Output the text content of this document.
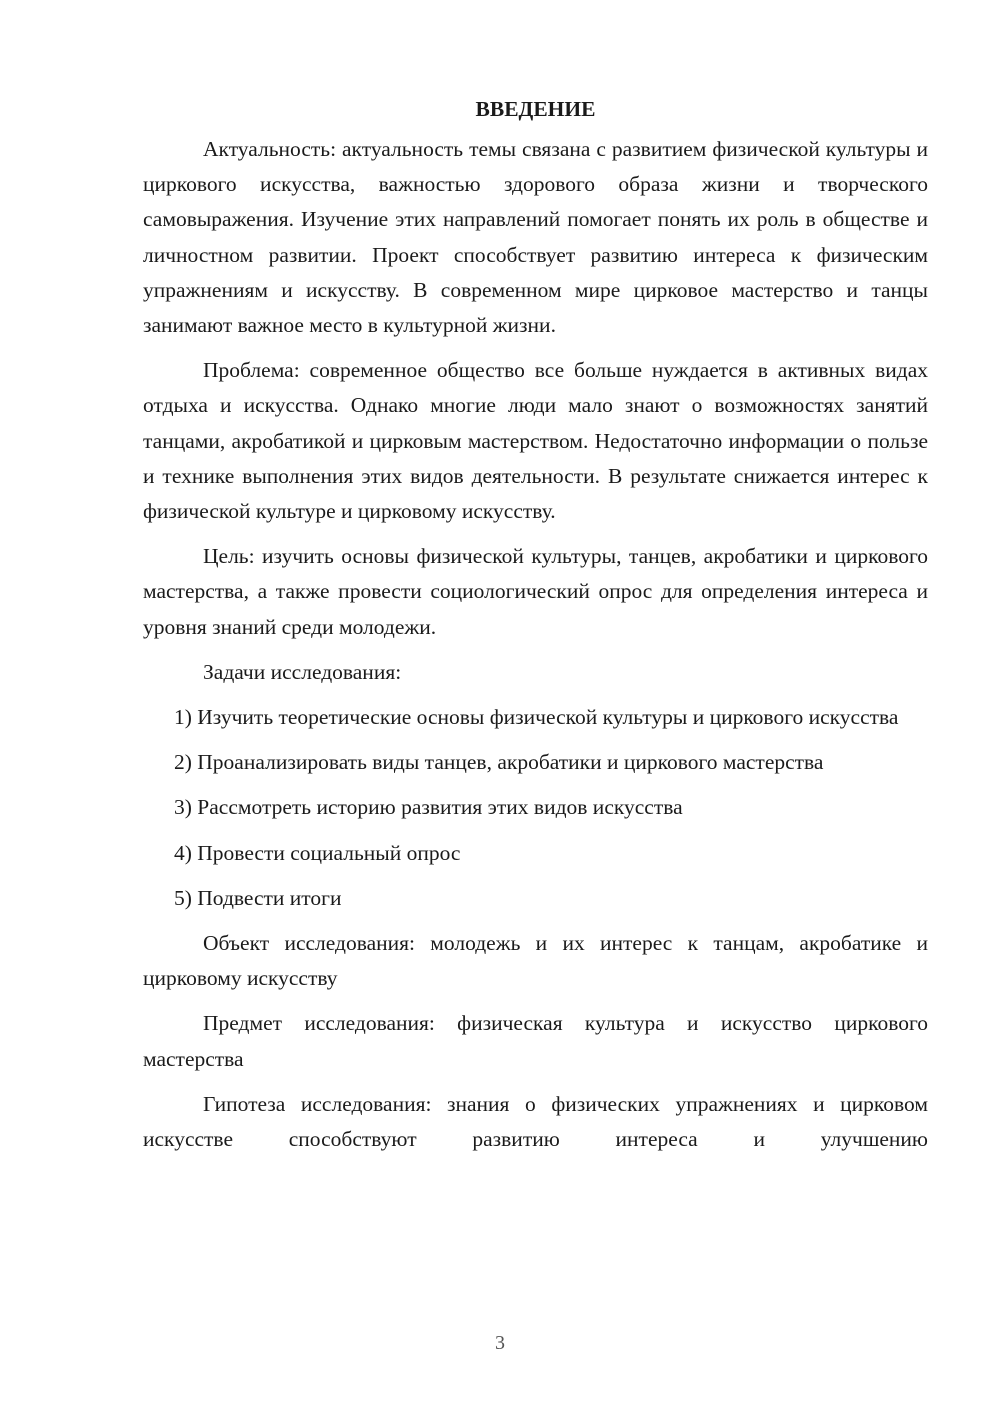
ВВЕДЕНИЕ

Актуальность: актуальность темы связана с развитием физической культуры и циркового искусства, важностью здорового образа жизни и творческого самовыражения. Изучение этих направлений помогает понять их роль в обществе и личностном развитии. Проект способствует развитию интереса к физическим упражнениям и искусству. В современном мире цирковое мастерство и танцы занимают важное место в культурной жизни.

Проблема: современное общество все больше нуждается в активных видах отдыха и искусства. Однако многие люди мало знают о возможностях занятий танцами, акробатикой и цирковым мастерством. Недостаточно информации о пользе и технике выполнения этих видов деятельности. В результате снижается интерес к физической культуре и цирковому искусству.

Цель: изучить основы физической культуры, танцев, акробатики и циркового мастерства, а также провести социологический опрос для определения интереса и уровня знаний среди молодежи.

Задачи исследования:

1) Изучить теоретические основы физической культуры и циркового искусства

2) Проанализировать виды танцев, акробатики и циркового мастерства

3) Рассмотреть историю развития этих видов искусства

4) Провести социальный опрос

5) Подвести итоги

Объект исследования: молодежь и их интерес к танцам, акробатике и цирковому искусству

Предмет исследования: физическая культура и искусство циркового мастерства

Гипотеза исследования: знания о физических упражнениях и цирковом искусстве способствуют развитию интереса и улучшению

3
